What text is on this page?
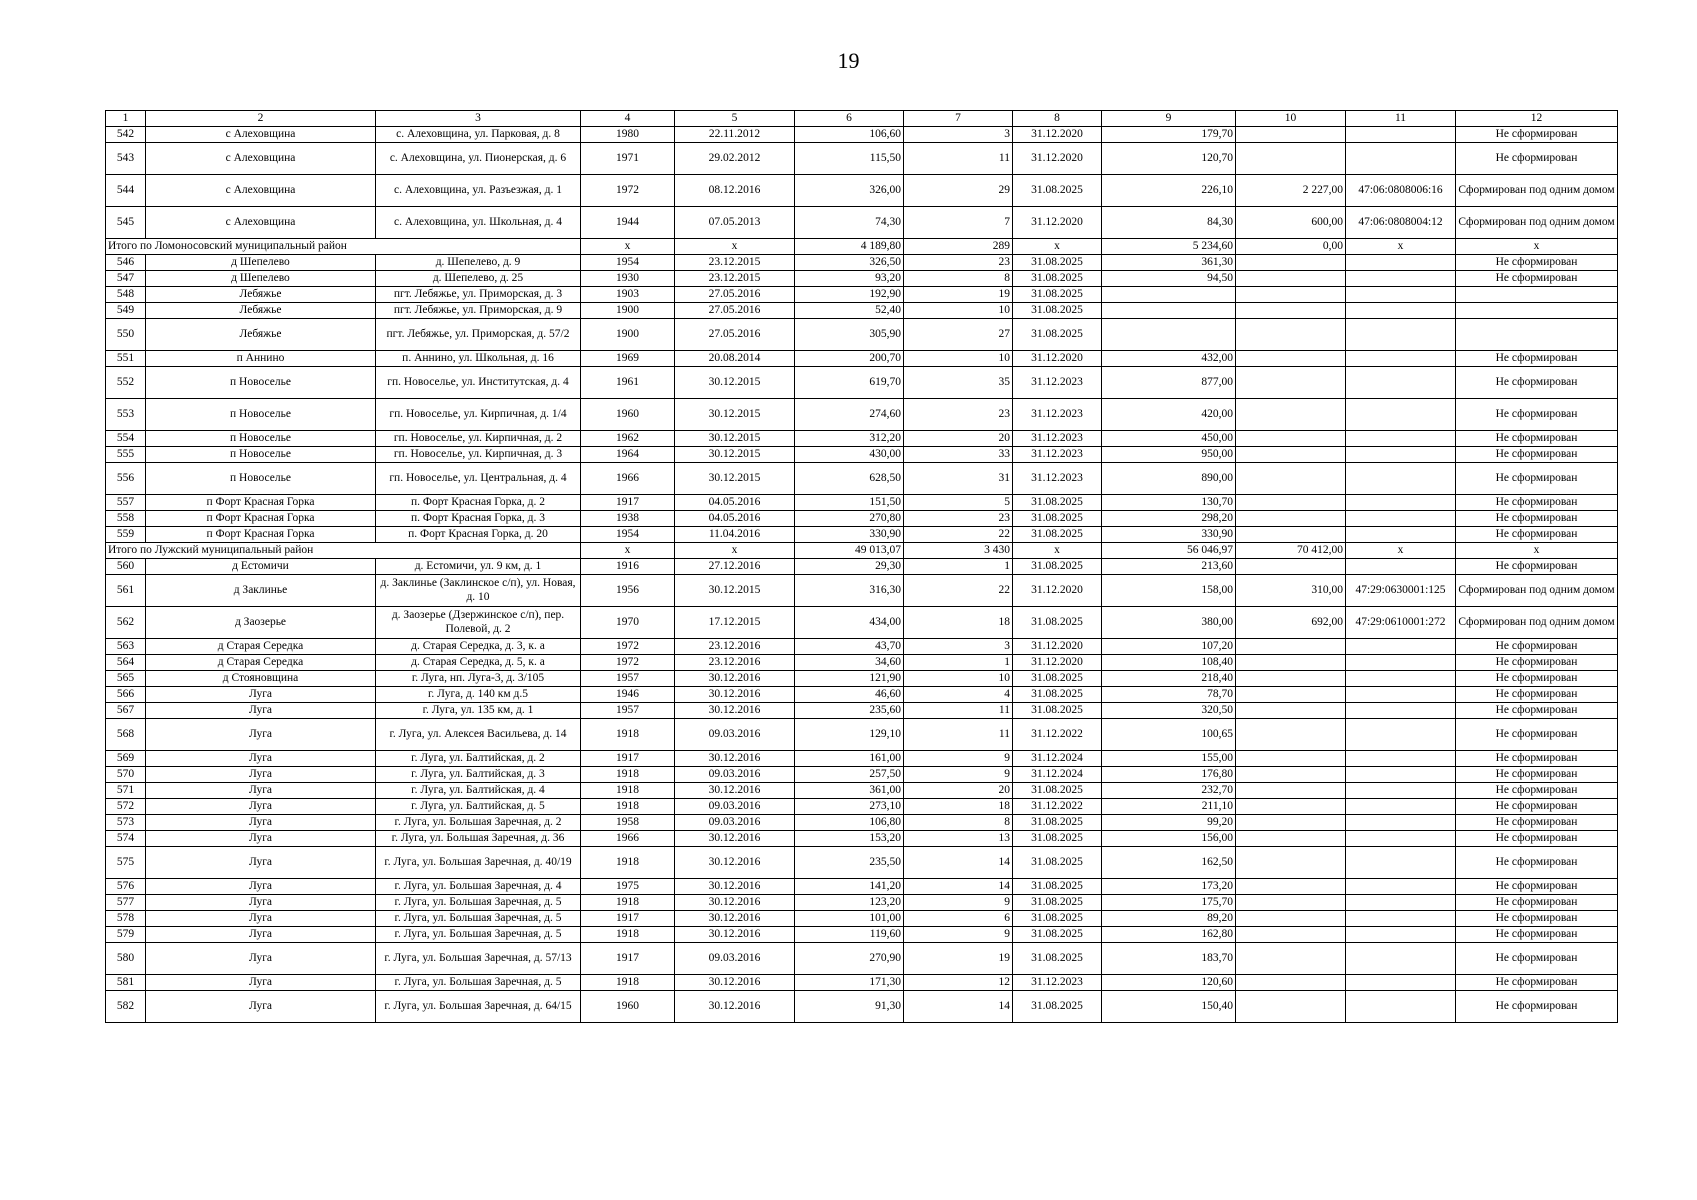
19
1	2	3	4	5	6	7	8	9	10	11	12
542	с Алеховщина	с. Алеховщина, ул. Парковая, д. 8	1980	22.11.2012	106,60	3	31.12.2020	179,70			Не сформирован
543	с Алеховщина	с. Алеховщина, ул. Пионерская, д. 6	1971	29.02.2012	115,50	11	31.12.2020	120,70			Не сформирован
544	с Алеховщина	с. Алеховщина, ул. Разъезжая, д. 1	1972	08.12.2016	326,00	29	31.08.2025	226,10	2 227,00	47:06:0808006:16	Сформирован под одним домом
545	с Алеховщина	с. Алеховщина, ул. Школьная, д. 4	1944	07.05.2013	74,30	7	31.12.2020	84,30	600,00	47:06:0808004:12	Сформирован под одним домом
Итого по Ломоносовский муниципальный район			x	x	4 189,80	289	x	5 234,60	0,00	x	x
546	д Шепелево	д. Шепелево, д. 9	1954	23.12.2015	326,50	23	31.08.2025	361,30			Не сформирован
547	д Шепелево	д. Шепелево, д. 25	1930	23.12.2015	93,20	8	31.08.2025	94,50			Не сформирован
548	Лебяжье	пгт. Лебяжье, ул. Приморская, д. 3	1903	27.05.2016	192,90	19	31.08.2025				
549	Лебяжье	пгт. Лебяжье, ул. Приморская, д. 9	1900	27.05.2016	52,40	10	31.08.2025				
550	Лебяжье	пгт. Лебяжье, ул. Приморская, д. 57/2	1900	27.05.2016	305,90	27	31.08.2025				
551	п Аннино	п. Аннино, ул. Школьная, д. 16	1969	20.08.2014	200,70	10	31.12.2020	432,00			Не сформирован
552	п Новоселье	гп. Новоселье, ул. Институтская, д. 4	1961	30.12.2015	619,70	35	31.12.2023	877,00			Не сформирован
553	п Новоселье	гп. Новоселье, ул. Кирпичная, д. 1/4	1960	30.12.2015	274,60	23	31.12.2023	420,00			Не сформирован
554	п Новоселье	гп. Новоселье, ул. Кирпичная, д. 2	1962	30.12.2015	312,20	20	31.12.2023	450,00			Не сформирован
555	п Новоселье	гп. Новоселье, ул. Кирпичная, д. 3	1964	30.12.2015	430,00	33	31.12.2023	950,00			Не сформирован
556	п Новоселье	гп. Новоселье, ул. Центральная, д. 4	1966	30.12.2015	628,50	31	31.12.2023	890,00			Не сформирован
557	п Форт Красная Горка	п. Форт Красная Горка, д. 2	1917	04.05.2016	151,50	5	31.08.2025	130,70			Не сформирован
558	п Форт Красная Горка	п. Форт Красная Горка, д. 3	1938	04.05.2016	270,80	23	31.08.2025	298,20			Не сформирован
559	п Форт Красная Горка	п. Форт Красная Горка, д. 20	1954	11.04.2016	330,90	22	31.08.2025	330,90			Не сформирован
Итого по Лужский муниципальный район			x	x	49 013,07	3 430	x	56 046,97	70 412,00	x	x
560	д Естомичи	д. Естомичи, ул. 9 км, д. 1	1916	27.12.2016	29,30	1	31.08.2025	213,60			Не сформирован
561	д Заклинье	д. Заклинье (Заклинское с/п), ул. Новая, д. 10	1956	30.12.2015	316,30	22	31.12.2020	158,00	310,00	47:29:0630001:125	Сформирован под одним домом
562	д Заозерье	д. Заозерье (Дзержинское с/п), пер. Полевой, д. 2	1970	17.12.2015	434,00	18	31.08.2025	380,00	692,00	47:29:0610001:272	Сформирован под одним домом
563	д Старая Середка	д. Старая Середка, д. 3, к. а	1972	23.12.2016	43,70	3	31.12.2020	107,20			Не сформирован
564	д Старая Середка	д. Старая Середка, д. 5, к. а	1972	23.12.2016	34,60	1	31.12.2020	108,40			Не сформирован
565	д Стояновщина	г. Луга, нп. Луга-3, д. 3/105	1957	30.12.2016	121,90	10	31.08.2025	218,40			Не сформирован
566	Луга	г. Луга, д. 140 км д.5	1946	30.12.2016	46,60	4	31.08.2025	78,70			Не сформирован
567	Луга	г. Луга, ул. 135 км, д. 1	1957	30.12.2016	235,60	11	31.08.2025	320,50			Не сформирован
568	Луга	г. Луга, ул. Алексея Васильева, д. 14	1918	09.03.2016	129,10	11	31.12.2022	100,65			Не сформирован
569	Луга	г. Луга, ул. Балтийская, д. 2	1917	30.12.2016	161,00	9	31.12.2024	155,00			Не сформирован
570	Луга	г. Луга, ул. Балтийская, д. 3	1918	09.03.2016	257,50	9	31.12.2024	176,80			Не сформирован
571	Луга	г. Луга, ул. Балтийская, д. 4	1918	30.12.2016	361,00	20	31.08.2025	232,70			Не сформирован
572	Луга	г. Луга, ул. Балтийская, д. 5	1918	09.03.2016	273,10	18	31.12.2022	211,10			Не сформирован
573	Луга	г. Луга, ул. Большая Заречная, д. 2	1958	09.03.2016	106,80	8	31.08.2025	99,20			Не сформирован
574	Луга	г. Луга, ул. Большая Заречная, д. 36	1966	30.12.2016	153,20	13	31.08.2025	156,00			Не сформирован
575	Луга	г. Луга, ул. Большая Заречная, д. 40/19	1918	30.12.2016	235,50	14	31.08.2025	162,50			Не сформирован
576	Луга	г. Луга, ул. Большая Заречная, д. 4	1975	30.12.2016	141,20	14	31.08.2025	173,20			Не сформирован
577	Луга	г. Луга, ул. Большая Заречная, д. 5	1918	30.12.2016	123,20	9	31.08.2025	175,70			Не сформирован
578	Луга	г. Луга, ул. Большая Заречная, д. 5	1917	30.12.2016	101,00	6	31.08.2025	89,20			Не сформирован
579	Луга	г. Луга, ул. Большая Заречная, д. 5	1918	30.12.2016	119,60	9	31.08.2025	162,80			Не сформирован
580	Луга	г. Луга, ул. Большая Заречная, д. 57/13	1917	09.03.2016	270,90	19	31.08.2025	183,70			Не сформирован
581	Луга	г. Луга, ул. Большая Заречная, д. 5	1918	30.12.2016	171,30	12	31.12.2023	120,60			Не сформирован
582	Луга	г. Луга, ул. Большая Заречная, д. 64/15	1960	30.12.2016	91,30	14	31.08.2025	150,40			Не сформирован
